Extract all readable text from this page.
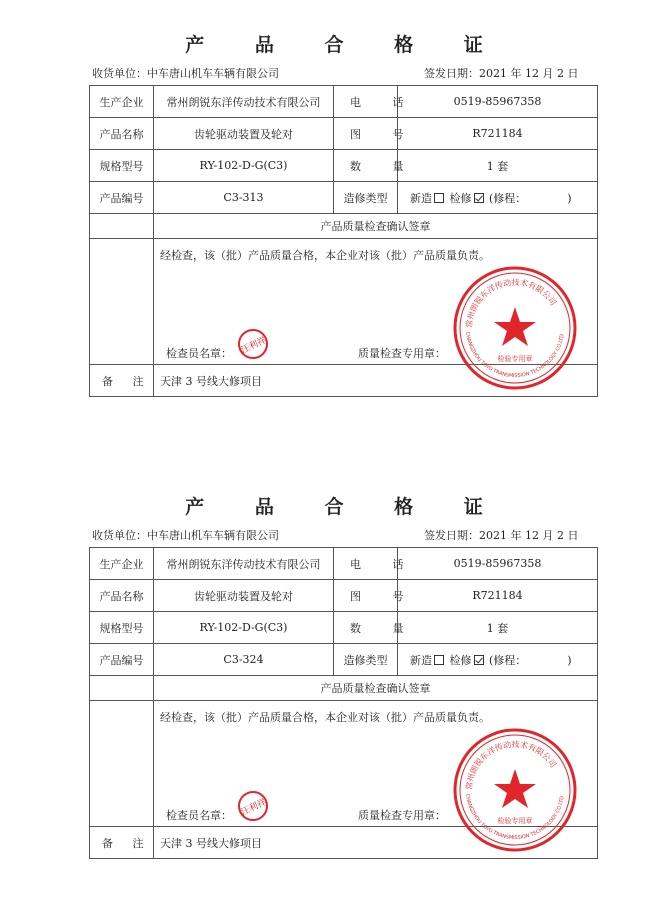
产 品 合 格 证
收货单位：中车唐山机车车辆有限公司	签发日期：2021 年 12 月 2 日
生产企业	常州朗锐东洋传动技术有限公司	电 话	0519-85967358
产品名称	齿轮驱动装置及轮对	图 号	R721184
规格型号	RY-102-D-G(C3)	数 量	1 套
产品编号	C3-313	造修类型	新造 检修 (修程： )
	产品质量检查确认签章		

	经检查，该（批）产品质量合格，本企业对该（批）产品质量负责。
检查员名章： 质量检查专用章：		

备 注	天津 3 号线大修项目		
汪利祥
常州朗锐东洋传动技术有限公司
CHANGZHOU TOYO TRANSMISSION TECHNOLOGY CO.LTD
检验专用章
产 品 合 格 证
收货单位：中车唐山机车车辆有限公司	签发日期：2021 年 12 月 2 日
生产企业	常州朗锐东洋传动技术有限公司	电 话	0519-85967358
产品名称	齿轮驱动装置及轮对	图 号	R721184
规格型号	RY-102-D-G(C3)	数 量	1 套
产品编号	C3-324	造修类型	新造 检修 (修程： )
	产品质量检查确认签章		

	经检查，该（批）产品质量合格，本企业对该（批）产品质量负责。
检查员名章： 质量检查专用章：		

备 注	天津 3 号线大修项目		
汪利祥
常州朗锐东洋传动技术有限公司
CHANGZHOU TOYO TRANSMISSION TECHNOLOGY CO.LTD
检验专用章
